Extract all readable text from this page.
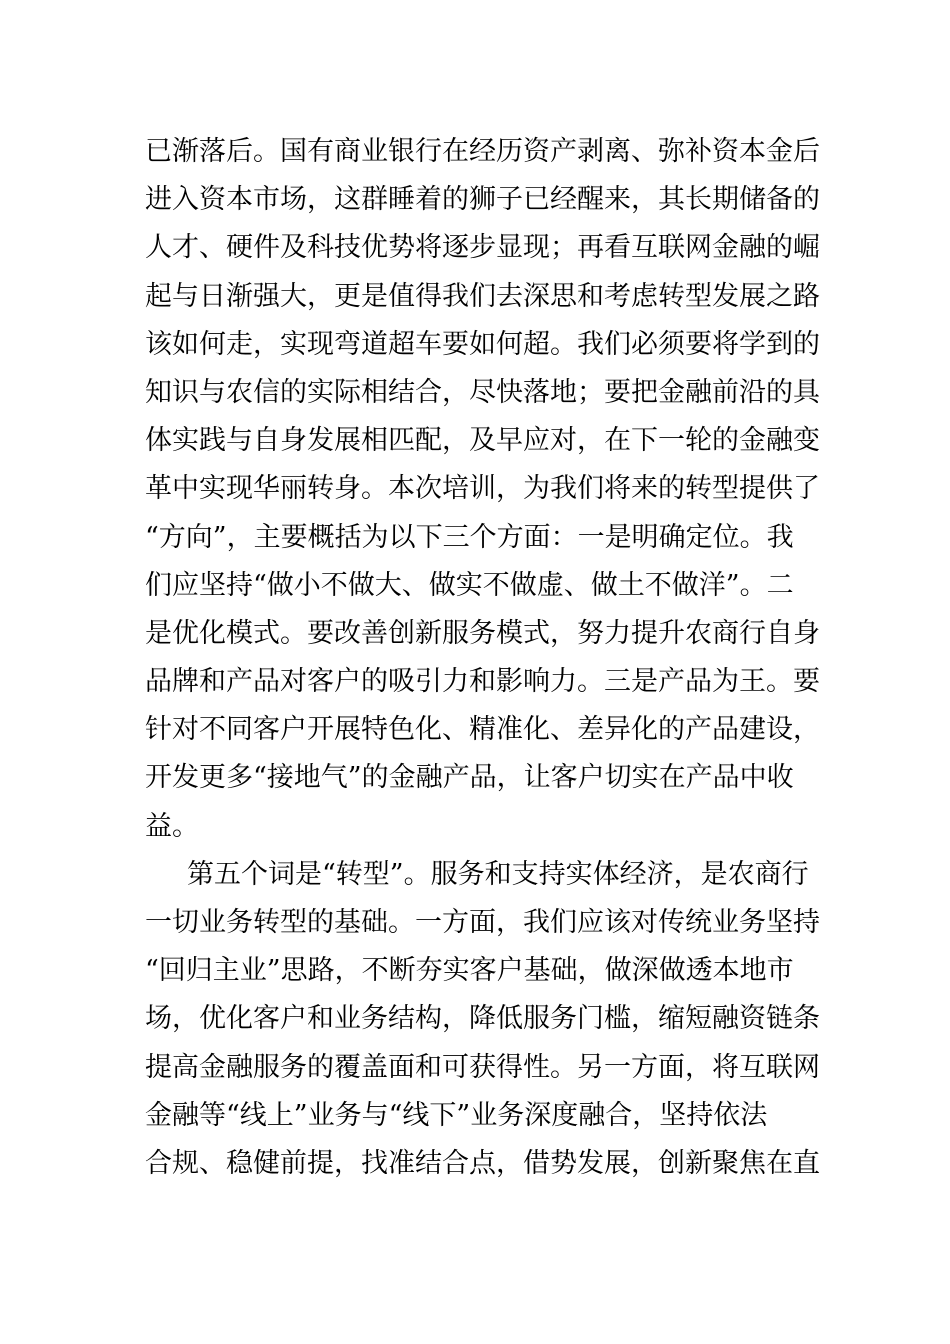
已渐落后。国有商业银行在经历资产剥离、弥补资本金后
进入资本市场，这群睡着的狮子已经醒来，其长期储备的
人才、硬件及科技优势将逐步显现；再看互联网金融的崛
起与日渐强大，更是值得我们去深思和考虑转型发展之路
该如何走，实现弯道超车要如何超。我们必须要将学到的
知识与农信的实际相结合，尽快落地；要把金融前沿的具
体实践与自身发展相匹配，及早应对，在下一轮的金融变
革中实现华丽转身。本次培训，为我们将来的转型提供了
“方向”，主要概括为以下三个方面：一是明确定位。我
们应坚持“做小不做大、做实不做虚、做土不做洋”。二
是优化模式。要改善创新服务模式，努力提升农商行自身
品牌和产品对客户的吸引力和影响力。三是产品为王。要
针对不同客户开展特色化、精准化、差异化的产品建设，
开发更多“接地气”的金融产品，让客户切实在产品中收
益。
第五个词是“转型”。服务和支持实体经济，是农商行
一切业务转型的基础。一方面，我们应该对传统业务坚持
“回归主业”思路，不断夯实客户基础，做深做透本地市
场，优化客户和业务结构，降低服务门槛，缩短融资链条
提高金融服务的覆盖面和可获得性。另一方面，将互联网
金融等“线上”业务与“线下”业务深度融合，坚持依法
合规、稳健前提，找准结合点，借势发展，创新聚焦在直
